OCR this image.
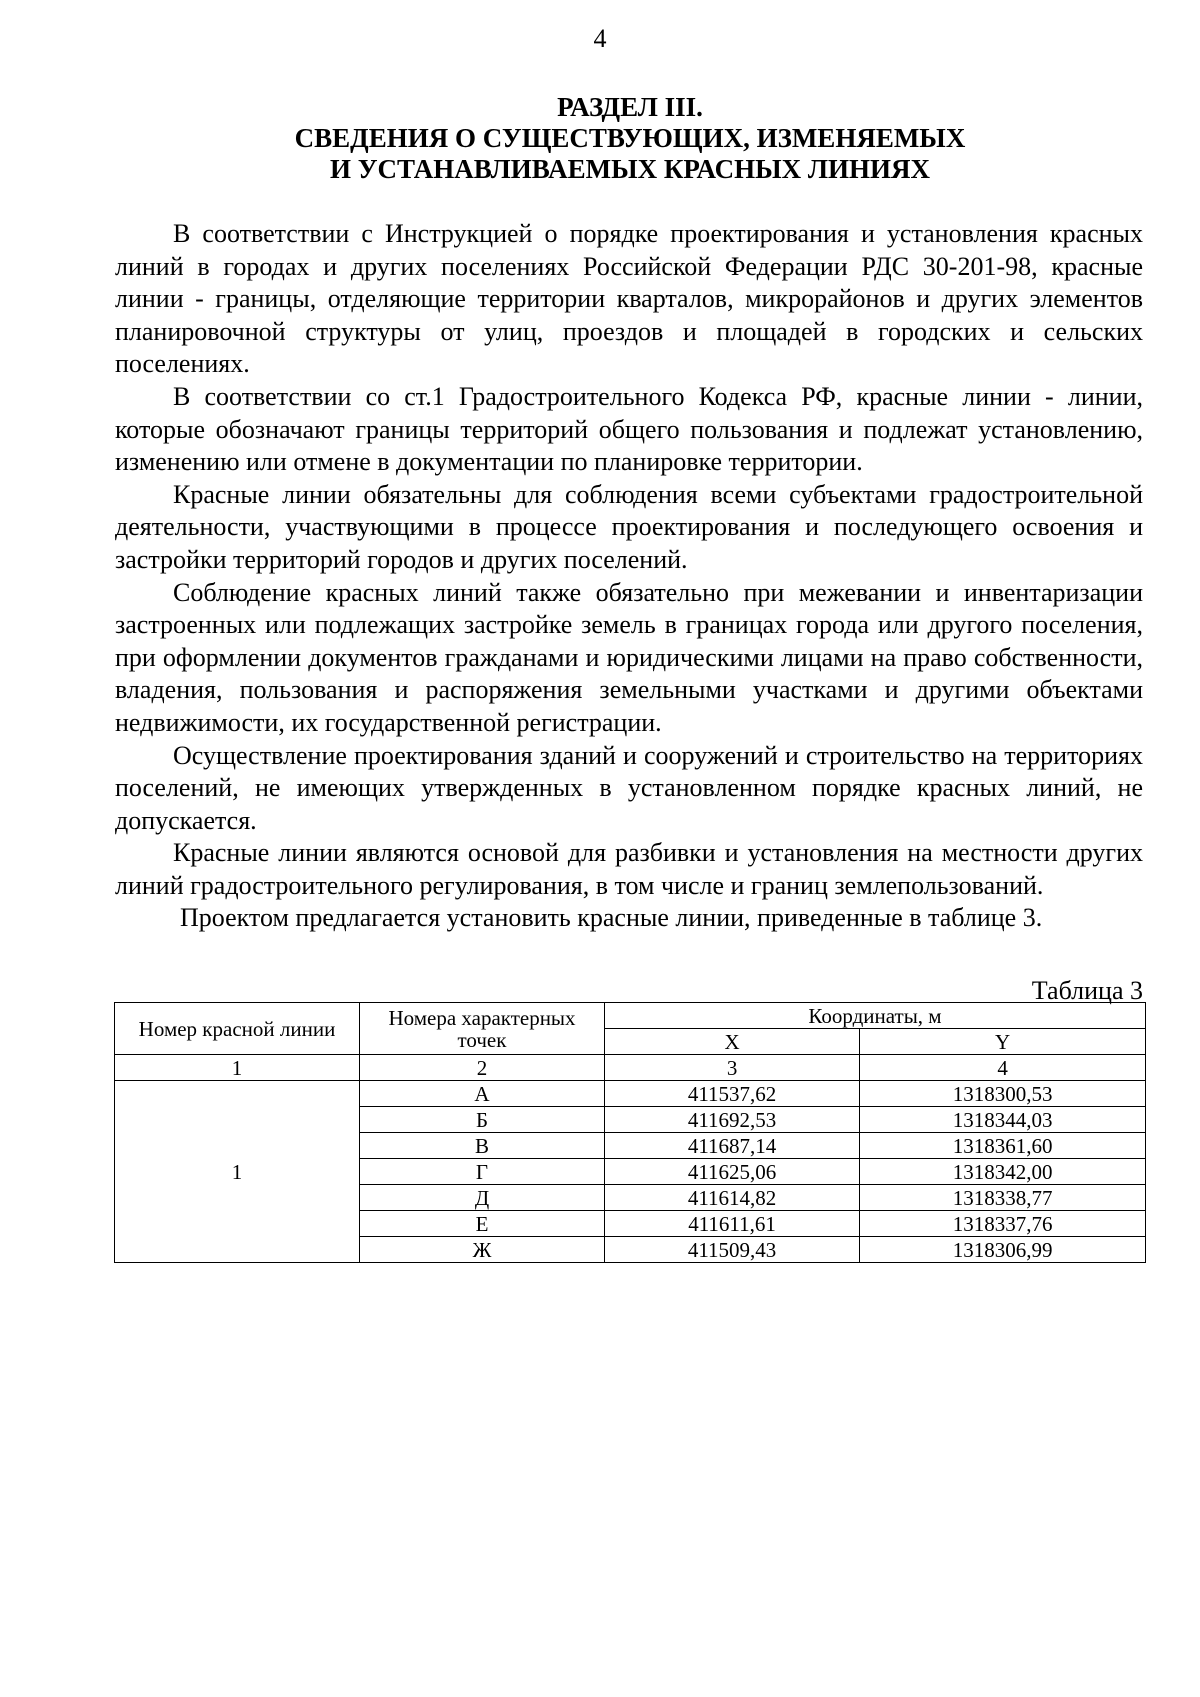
4
РАЗДЕЛ III.
СВЕДЕНИЯ О СУЩЕСТВУЮЩИХ, ИЗМЕНЯЕМЫХ
И УСТАНАВЛИВАЕМЫХ КРАСНЫХ ЛИНИЯХ

В соответствии с Инструкцией о порядке проектирования и установления красных линий в городах и других поселениях Российской Федерации РДС 30-201-98, красные линии - границы, отделяющие территории кварталов, микрорайонов и других элементов планировочной структуры от улиц, проездов и площадей в городских и сельских поселениях.

В соответствии со ст.1 Градостроительного Кодекса РФ, красные линии - линии, которые обозначают границы территорий общего пользования и подлежат установлению, изменению или отмене в документации по планировке территории.

Красные линии обязательны для соблюдения всеми субъектами градостроительной деятельности, участвующими в процессе проектирования и последующего освоения и застройки территорий городов и других поселений.

Соблюдение красных линий также обязательно при межевании и инвентаризации застроенных или подлежащих застройке земель в границах города или другого поселения, при оформлении документов гражданами и юридическими лицами на право собственности, владения, пользования и распоряжения земельными участками и другими объектами недвижимости, их государственной регистрации.

Осуществление проектирования зданий и сооружений и строительство на территориях поселений, не имеющих утвержденных в установленном порядке красных линий, не допускается.

Красные линии являются основой для разбивки и установления на местности других линий градостроительного регулирования, в том числе и границ землепользований.

Проектом предлагается установить красные линии, приведенные в таблице 3.

Таблица 3
Номер красной линии	Номера характерных точек	Координаты, м	
		X	Y
1	2	3	4
1	А	411537,62	1318300,53
	Б	411692,53	1318344,03
	В	411687,14	1318361,60
	Г	411625,06	1318342,00
	Д	411614,82	1318338,77
	Е	411611,61	1318337,76
	Ж	411509,43	1318306,99
